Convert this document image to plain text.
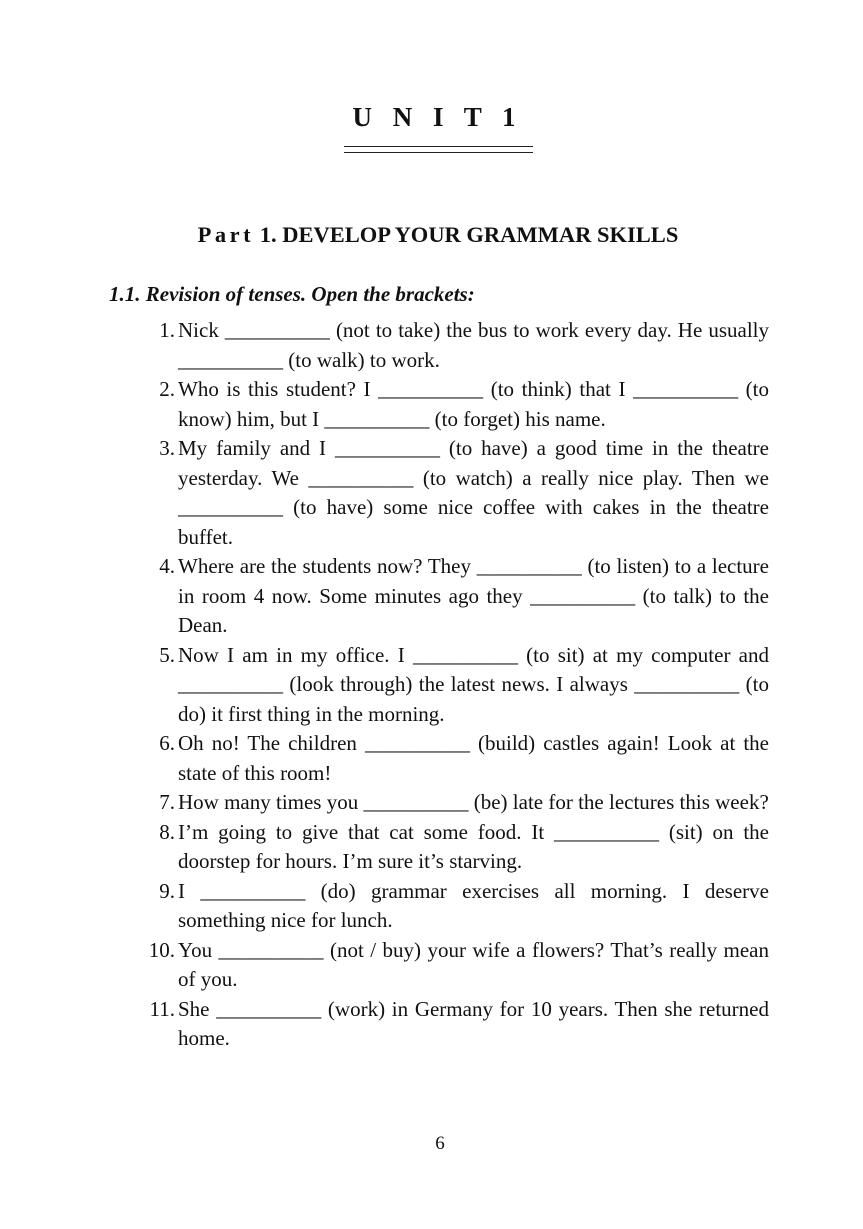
U N I T 1
Part 1. DEVELOP YOUR GRAMMAR SKILLS

1.1. Revision of tenses. Open the brackets:

1. Nick __________ (not to take) the bus to work every day. He usually __________ (to walk) to work.
2. Who is this student? I __________ (to think) that I __________ (to know) him, but I __________ (to forget) his name.
3. My family and I __________ (to have) a good time in the theatre yesterday. We __________ (to watch) a really nice play. Then we __________ (to have) some nice coffee with cakes in the theatre buffet.
4. Where are the students now? They __________ (to listen) to a lecture in room 4 now. Some minutes ago they __________ (to talk) to the Dean.
5. Now I am in my office. I __________ (to sit) at my computer and __________ (look through) the latest news. I always __________ (to do) it first thing in the morning.
6. Oh no! The children __________ (build) castles again! Look at the state of this room!
7. How many times you __________ (be) late for the lectures this week?
8. I’m going to give that cat some food. It __________ (sit) on the doorstep for hours. I’m sure it’s starving.
9. I __________ (do) grammar exercises all morning. I deserve something nice for lunch.
10. You __________ (not / buy) your wife a flowers? That’s really mean of you.
11. She __________ (work) in Germany for 10 years. Then she returned home.

6
